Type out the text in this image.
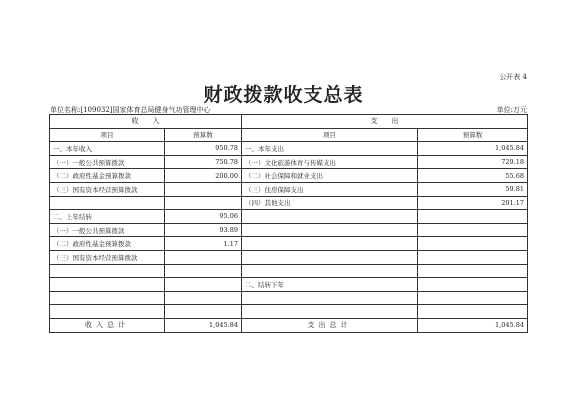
公开表 4
财政拨款收支总表
单位名称:[109032]国家体育总局健身气功管理中心	单位:万元
收　　入		支　　出	
项目	预算数	项目	预算数
一、本年收入	950.78	一、本年支出	1,045.84
（一）一般公共预算拨款	750.78	（一）文化旅游体育与传媒支出	729.18
（二）政府性基金预算拨款	200.00	（二）社会保障和就业支出	55.68
（三）国有资本经营预算拨款		（三）住房保障支出	59.81
		（四）其他支出	201.17
二、上年结转	95.06		
（一）一般公共预算拨款	93.89		
（二）政府性基金预算拨款	1.17		
（三）国有资本经营预算拨款			

		二、结转下年	

收入总计	1,045.84	支出总计	1,045.84
